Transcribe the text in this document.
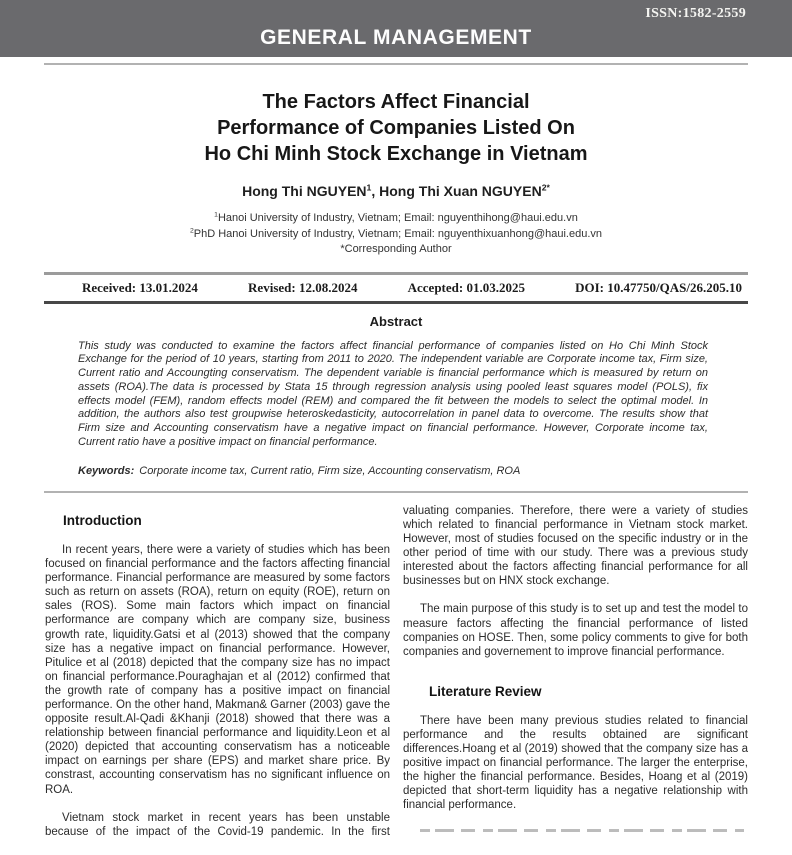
ISSN:1582-2559
GENERAL MANAGEMENT
The Factors Affect Financial
Performance of Companies Listed On
Ho Chi Minh Stock Exchange in Vietnam
Hong Thi NGUYEN$^1$, Hong Thi Xuan $NGUYEN^{2*}$
$^1$Hanoi University of Industry, Vietnam; Email: nguyenthihong@haui.edu.vn
$^2$PhD Hanoi University of Industry, Vietnam; Email: nguyenthixuanhong@haui.edu.vn
*Corresponding Author
Received: 13.01.2024	Revised: 12.08.2024	Accepted: 01.03.2025	DOI: 10.47750/QAS/26.205.10
Abstract
This study was conducted to examine the factors affect financial performance of companies listed on Ho Chi Minh Stock Exchange for the period of 10 years, starting from 2011 to 2020. The independent variable are Corporate income tax, Firm size, Current ratio and Accoungting conservatism. The dependent variable is financial performance which is measured by return on assets (ROA).The data is processed by Stata 15 through regression analysis using pooled least squares model (POLS), fix effects model (FEM), random effects model (REM) and compared the fit between the models to select the optimal model. In addition, the authors also test groupwise heteroskedasticity, autocorrelation in panel data to overcome. The results show that Firm size and Accounting conservatism have a negative impact on financial performance. However, Corporate income tax, Current ratio have a positive impact on financial performance.
Keywords: Corporate income tax, Current ratio, Firm size, Accounting conservatism, ROA
Introduction

In recent years, there were a variety of studies which has been focused on financial performance and the factors affecting financial performance. Financial performance are measured by some factors such as return on assets (ROA), return on equity (ROE), return on sales (ROS). Some main factors which impact on financial performance are company which are company size, business growth rate, liquidity.Gatsi et al (2013) showed that the company size has a negative impact on financial performance. However, Pitulice et al (2018) depicted that the company size has no impact on financial performance.Pouraghajan et al (2012) confirmed that the growth rate of company has a positive impact on financial performance. On the other hand, Makman& Garner (2003) gave the opposite result.Al-Qadi &Khanji (2018) showed that there was a relationship between financial performance and liquidity.Leon et al (2020) depicted that accounting conservatism has a noticeable impact on earnings per share (EPS) and market share price. By constrast, accounting conservatism has no significant influence on ROA.

Vietnam stock market in recent years has been unstable because of the impact of the Covid-19 pandemic. In the first

valuating companies. Therefore, there were a variety of studies which related to financial performance in Vietnam stock market. However, most of studies focused on the specific industry or in the other period of time with our study. There was a previous study interested about the factors affecting financial performance for all businesses but on HNX stock exchange.

The main purpose of this study is to set up and test the model to measure factors affecting the financial performance of listed companies on HOSE. Then, some policy comments to give for both companies and governement to improve financial performance.

Literature Review

There have been many previous studies related to financial performance and the results obtained are significant differences.Hoang et al (2019) showed that the company size has a positive impact on financial performance. The larger the enterprise, the higher the financial performance. Besides, Hoang et al (2019) depicted that short-term liquidity has a negative relationship with financial performance.
